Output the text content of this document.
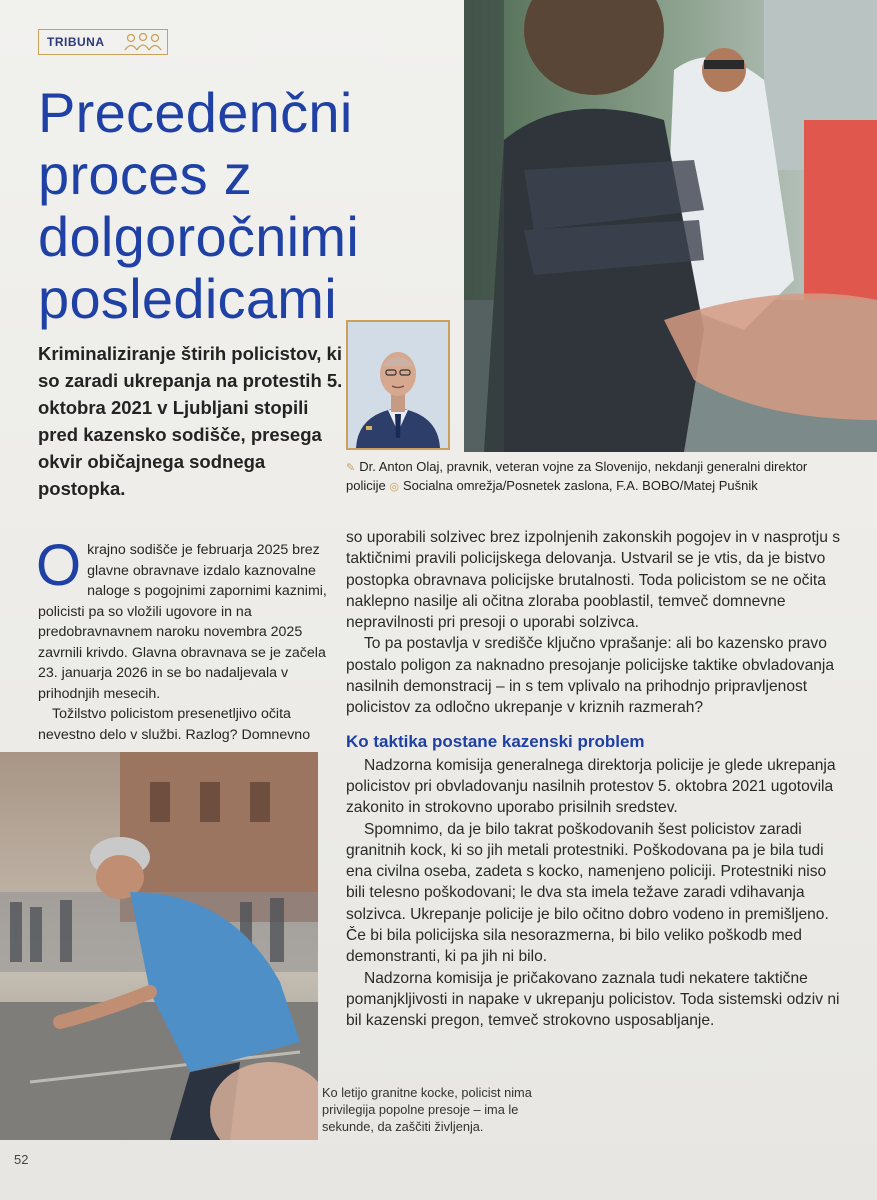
TRIBUNA
Precedenčni proces z dolgoročnimi posledicami

Kriminaliziranje štirih policistov, ki so zaradi ukrepanja na protestih 5. oktobra 2021 v Ljubljani stopili pred kazensko sodišče, presega okvir običajnega sodnega postopka.

✎ Dr. Anton Olaj, pravnik, veteran vojne za Slovenijo, nekdanji generalni direktor policije ◎ Socialna omrežja/Posnetek zaslona, F.A. BOBO/Matej Pušnik

O krajno sodišče je februarja 2025 brez glavne obravnave izdalo kaznovalne naloge s pogojnimi zapornimi kaznimi, policisti pa so vložili ugovore in na predobravnavnem naroku novembra 2025 zavrnili krivdo. Glavna obravnava se je začela 23. januarja 2026 in se bo nadaljevala v prihodnjih mesecih.

Tožilstvo policistom presenetljivo očita nevestno delo v službi. Razlog? Domnevno

so uporabili solzivec brez izpolnjenih zakonskih pogojev in v nasprotju s taktičnimi pravili policijskega delovanja. Ustvaril se je vtis, da je bistvo postopka obravnava policijske brutalnosti. Toda policistom se ne očita naklepno nasilje ali očitna zloraba pooblastil, temveč domnevne nepravilnosti pri presoji o uporabi solzivca.

To pa postavlja v središče ključno vprašanje: ali bo kazensko pravo postalo poligon za naknadno presojanje policijske taktike obvladovanja nasilnih demonstracij – in s tem vplivalo na prihodnjo pripravljenost policistov za odločno ukrepanje v kriznih razmerah?

Ko taktika postane kazenski problem

Nadzorna komisija generalnega direktorja policije je glede ukrepanja policistov pri obvladovanju nasilnih protestov 5. oktobra 2021 ugotovila zakonito in strokovno uporabo prisilnih sredstev.

Spomnimo, da je bilo takrat poškodovanih šest policistov zaradi granitnih kock, ki so jih metali protestniki. Poškodovana pa je bila tudi ena civilna oseba, zadeta s kocko, namenjeno policiji. Protestniki niso bili telesno poškodovani; le dva sta imela težave zaradi vdihavanja solzivca. Ukrepanje policije je bilo očitno dobro vodeno in premišljeno. Če bi bila policijska sila nesorazmerna, bi bilo veliko poškodb med demonstranti, ki pa jih ni bilo.

Nadzorna komisija je pričakovano zaznala tudi nekatere taktične pomanjkljivosti in napake v ukrepanju policistov. Toda sistemski odziv ni bil kazenski pregon, temveč strokovno usposabljanje.

Ko letijo granitne kocke, policist nima privilegija popolne presoje – ima le sekunde, da zaščiti življenja.
52
